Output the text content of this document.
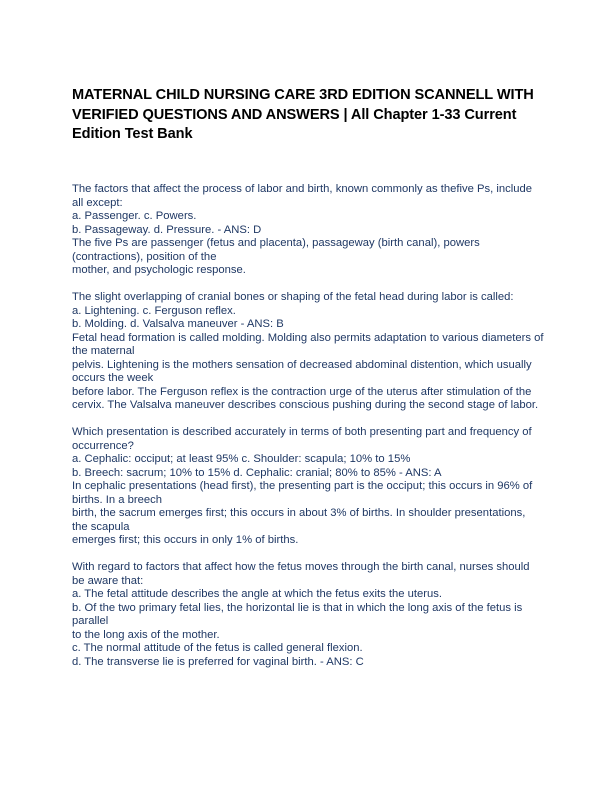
MATERNAL CHILD NURSING CARE 3RD EDITION SCANNELL WITH VERIFIED QUESTIONS AND ANSWERS | All Chapter 1-33 Current Edition Test Bank
The factors that affect the process of labor and birth, known commonly as thefive Ps, include all except:
a. Passenger. c. Powers.
b. Passageway. d. Pressure. - ANS: D
The five Ps are passenger (fetus and placenta), passageway (birth canal), powers (contractions), position of the
mother, and psychologic response.
The slight overlapping of cranial bones or shaping of the fetal head during labor is called:
a. Lightening. c. Ferguson reflex.
b. Molding. d. Valsalva maneuver - ANS: B
Fetal head formation is called molding. Molding also permits adaptation to various diameters of the maternal
pelvis. Lightening is the mothers sensation of decreased abdominal distention, which usually occurs the week
before labor. The Ferguson reflex is the contraction urge of the uterus after stimulation of the cervix. The Valsalva maneuver describes conscious pushing during the second stage of labor.
Which presentation is described accurately in terms of both presenting part and frequency of occurrence?
a. Cephalic: occiput; at least 95% c. Shoulder: scapula; 10% to 15%
b. Breech: sacrum; 10% to 15% d. Cephalic: cranial; 80% to 85% - ANS: A
In cephalic presentations (head first), the presenting part is the occiput; this occurs in 96% of births. In a breech
birth, the sacrum emerges first; this occurs in about 3% of births. In shoulder presentations, the scapula
emerges first; this occurs in only 1% of births.
With regard to factors that affect how the fetus moves through the birth canal, nurses should be aware that:
a. The fetal attitude describes the angle at which the fetus exits the uterus.
b. Of the two primary fetal lies, the horizontal lie is that in which the long axis of the fetus is parallel
to the long axis of the mother.
c. The normal attitude of the fetus is called general flexion.
d. The transverse lie is preferred for vaginal birth. - ANS: C
